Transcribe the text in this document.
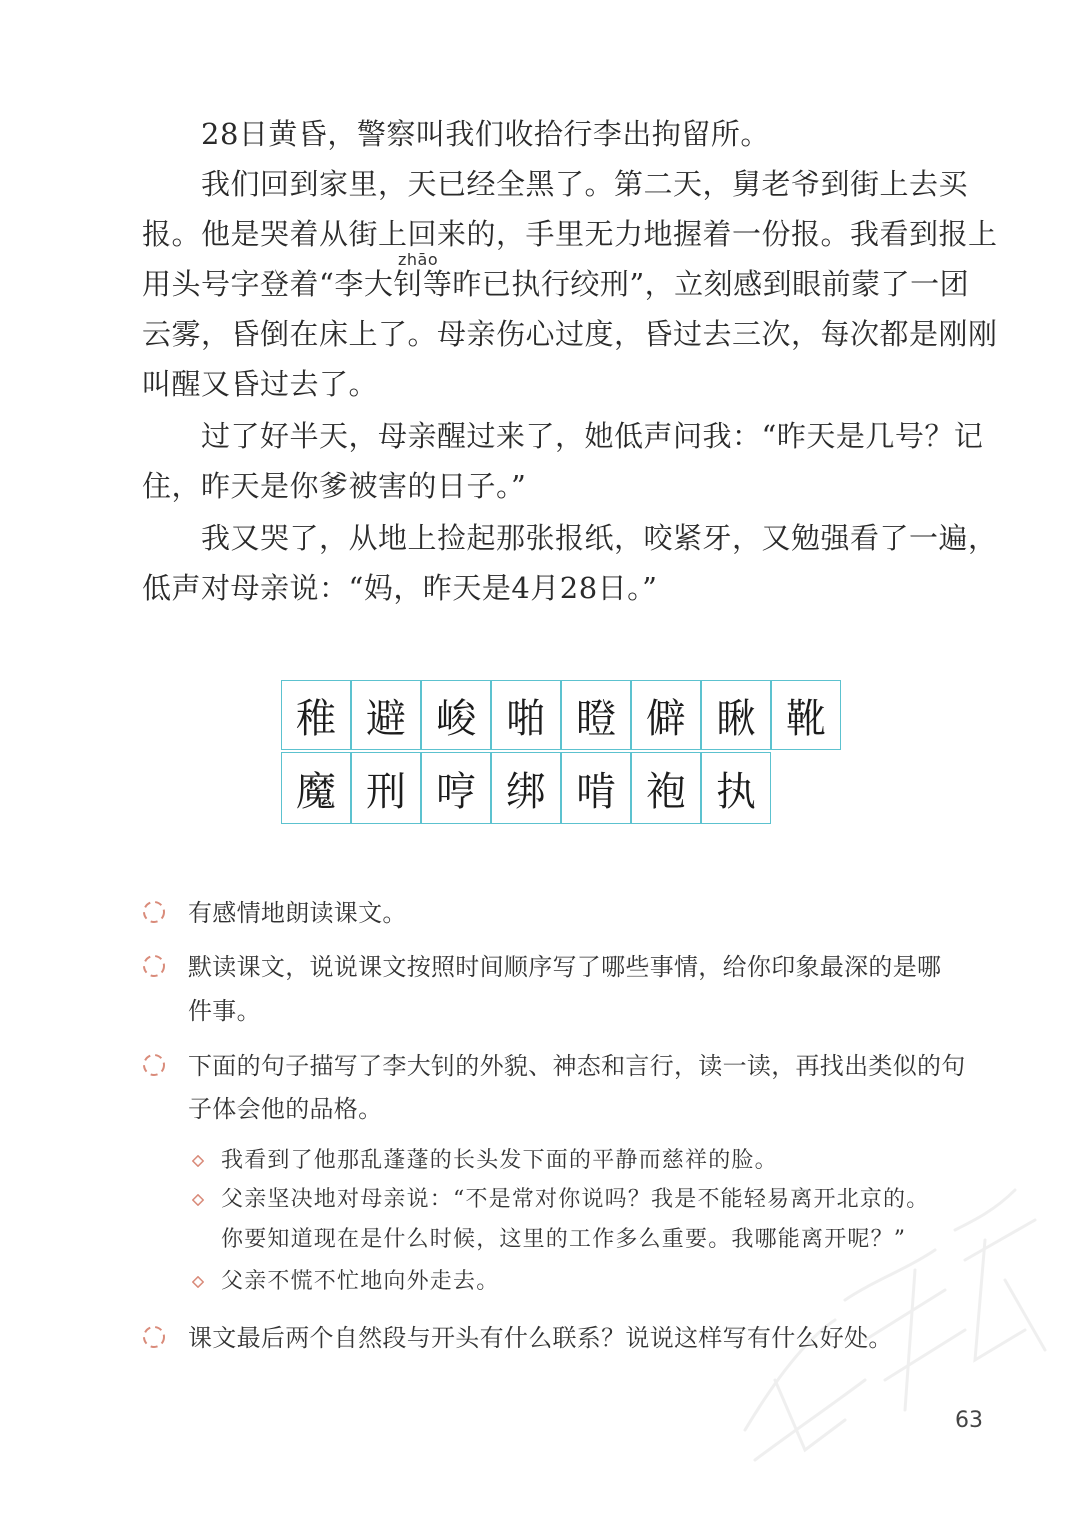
28日黄昏，警察叫我们收拾行李出拘留所。
我们回到家里，天已经全黑了。第二天，舅老爷到街上去买
报。他是哭着从街上回来的，手里无力地握着一份报。我看到报上
zhāo
用头号字登着“李大钊等昨已执行绞刑”，立刻感到眼前蒙了一团
云雾，昏倒在床上了。母亲伤心过度，昏过去三次，每次都是刚刚
叫醒又昏过去了。
过了好半天，母亲醒过来了，她低声问我：“昨天是几号？记
住，昨天是你爹被害的日子。”
我又哭了，从地上捡起那张报纸，咬紧牙，又勉强看了一遍，
低声对母亲说：“妈，昨天是4月28日。”
稚 避 峻 啪 瞪 僻 瞅 靴
魔 刑 哼 绑 啃 袍 执
有感情地朗读课文。
默读课文，说说课文按照时间顺序写了哪些事情，给你印象最深的是哪
件事。
下面的句子描写了李大钊的外貌、神态和言行，读一读，再找出类似的句
子体会他的品格。
我看到了他那乱蓬蓬的长头发下面的平静而慈祥的脸。
父亲坚决地对母亲说：“不是常对你说吗？我是不能轻易离开北京的。
你要知道现在是什么时候，这里的工作多么重要。我哪能离开呢？”
父亲不慌不忙地向外走去。
课文最后两个自然段与开头有什么联系？说说这样写有什么好处。
63
